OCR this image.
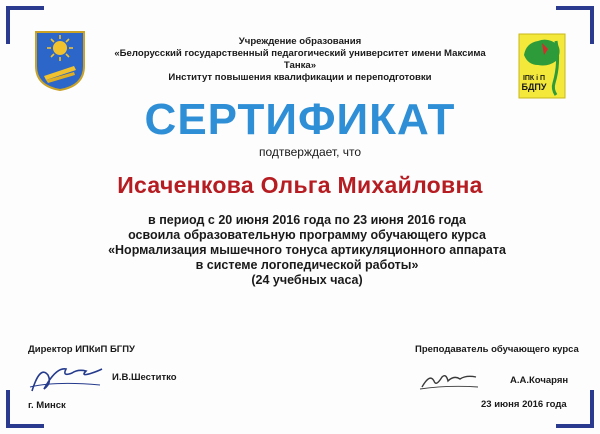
Учреждение образования
«Белорусский государственный педагогический университет имени Максима Танка»
Институт повышения квалификации и переподготовки	ІПК і П
БДПУ
СЕРТИФИКАТ
подтверждает, что
Исаченкова Ольга Михайловна
в период с 20 июня 2016 года по 23 июня 2016 года
освоила образовательную программу обучающего курса
«Нормализация мышечного тонуса артикуляционного аппарата
в системе логопедической работы»
(24 учебных часа)
Директор ИПКиП БГПУ
И.В.Шеститко
г. Минск
Преподаватель обучающего курса
А.А.Кочарян
23 июня 2016 года
